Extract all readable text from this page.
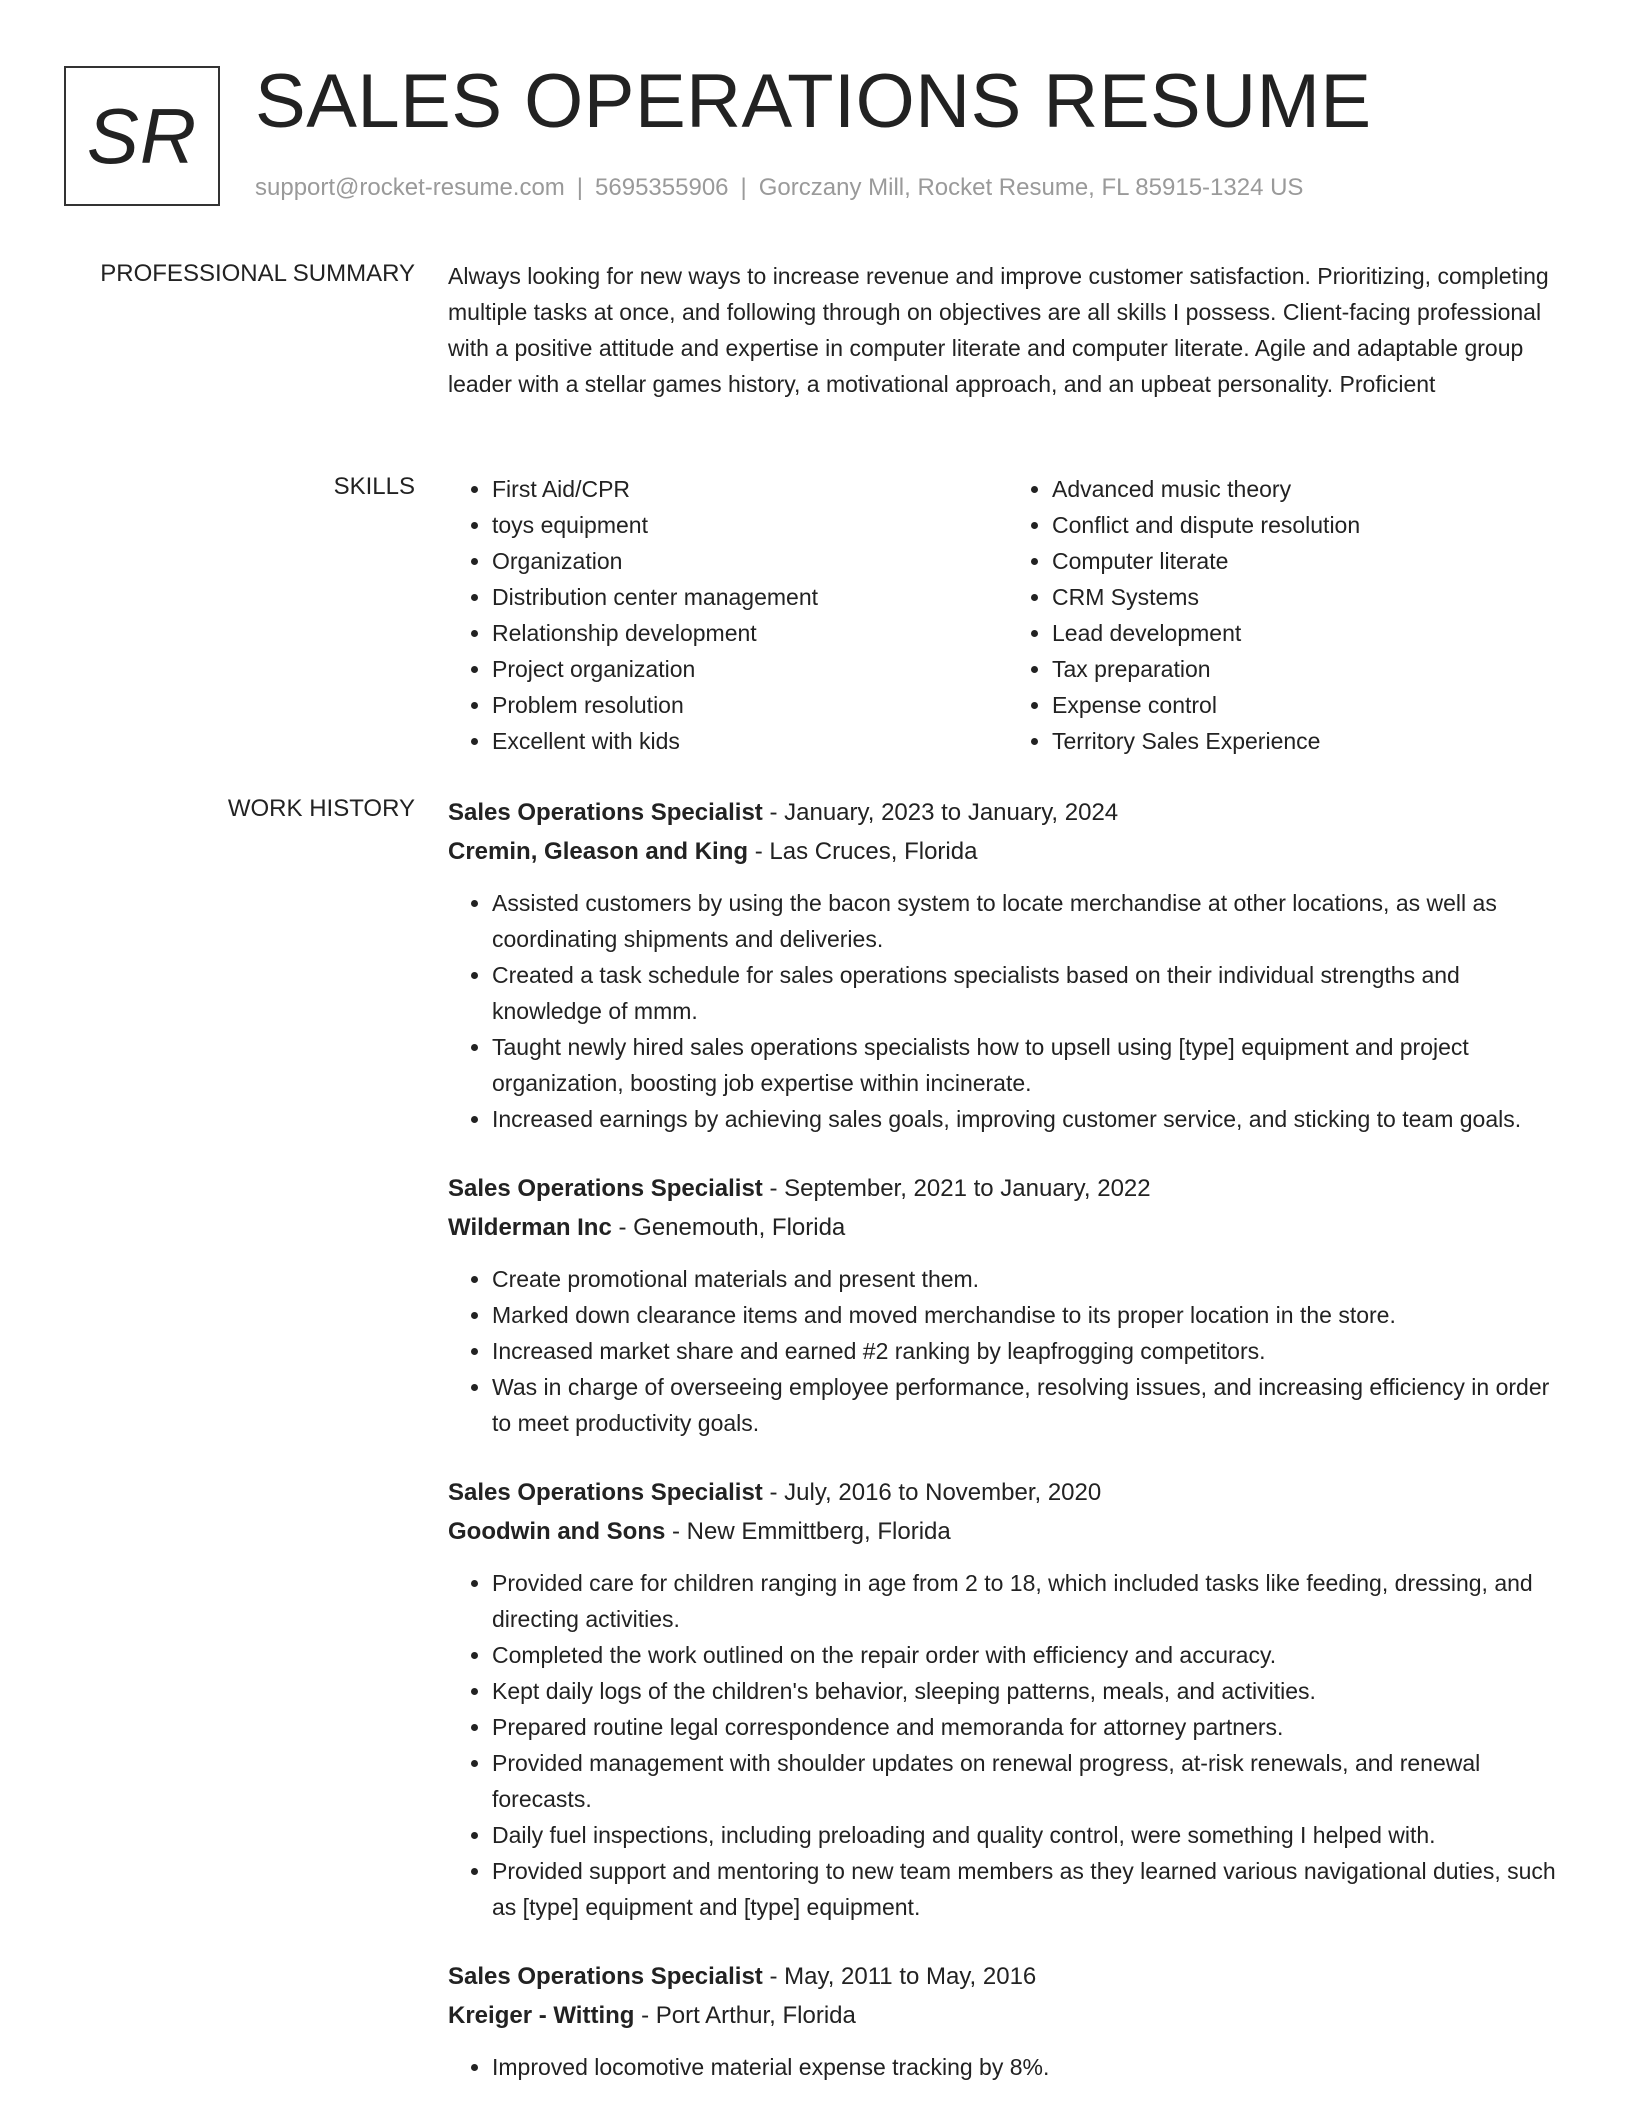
SR SALES OPERATIONS RESUME
support@rocket-resume.com | 5695355906 | Gorczany Mill, Rocket Resume, FL 85915-1324 US
PROFESSIONAL SUMMARY Always looking for new ways to increase revenue and improve customer satisfaction. Prioritizing, completing multiple tasks at once, and following through on objectives are all skills I possess. Client-facing professional with a positive attitude and expertise in computer literate and computer literate. Agile and adaptable group leader with a stellar games history, a motivational approach, and an upbeat personality. Proficient
SKILLS
•	First Aid/CPR
• toys equipment
• Organization
• Distribution center management
• Relationship development
• Project organization
• Problem resolution
• Excellent with kids
• Advanced music theory
• Conflict and dispute resolution
• Computer literate
• CRM Systems
• Lead development
• Tax preparation
• Expense control
• Territory Sales Experience
WORK HISTORY Sales Operations Specialist - January, 2023 to January, 2024
Cremin, Gleason and King - Las Cruces, Florida
• Assisted customers by using the bacon system to locate merchandise at other locations, as well as coordinating shipments and deliveries.
• Created a task schedule for sales operations specialists based on their individual strengths and knowledge of mmm.
• Taught newly hired sales operations specialists how to upsell using [type] equipment and project organization, boosting job expertise within incinerate.
• Increased earnings by achieving sales goals, improving customer service, and sticking to team goals.
Sales Operations Specialist - September, 2021 to January, 2022
Wilderman Inc - Genemouth, Florida
• Create promotional materials and present them.
• Marked down clearance items and moved merchandise to its proper location in the store.
• Increased market share and earned #2 ranking by leapfrogging competitors.
• Was in charge of overseeing employee performance, resolving issues, and increasing efficiency in order to meet productivity goals.
Sales Operations Specialist - July, 2016 to November, 2020
Goodwin and Sons - New Emmittberg, Florida
• Provided care for children ranging in age from 2 to 18, which included tasks like feeding, dressing, and directing activities.
• Completed the work outlined on the repair order with efficiency and accuracy.
• Kept daily logs of the children's behavior, sleeping patterns, meals, and activities.
• Prepared routine legal correspondence and memoranda for attorney partners.
• Provided management with shoulder updates on renewal progress, at-risk renewals, and renewal forecasts.
• Daily fuel inspections, including preloading and quality control, were something I helped with.
• Provided support and mentoring to new team members as they learned various navigational duties, such as [type] equipment and [type] equipment.
Sales Operations Specialist - May, 2011 to May, 2016
Kreiger - Witting - Port Arthur, Florida
• Improved locomotive material expense tracking by 8%.
